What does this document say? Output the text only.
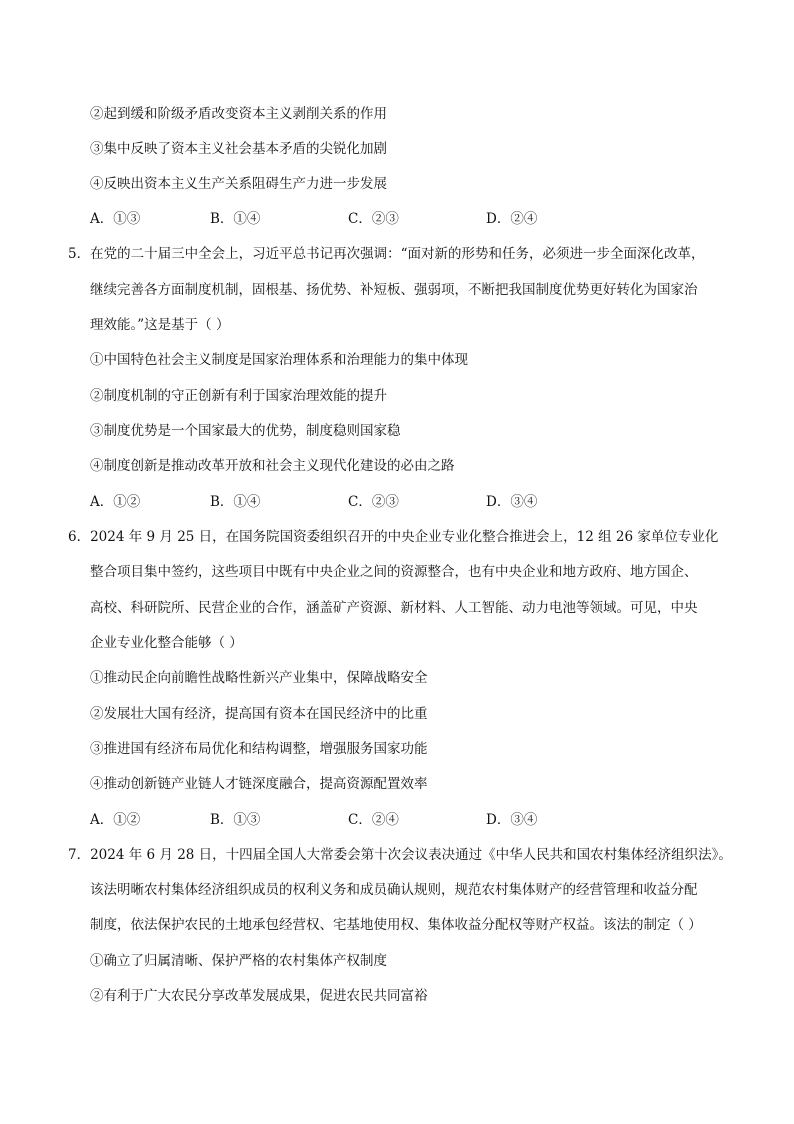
②起到缓和阶级矛盾改变资本主义剥削关系的作用
③集中反映了资本主义社会基本矛盾的尖锐化加剧
④反映出资本主义生产关系阻碍生产力进一步发展
A．①③	B．①④	C．②③	D．②④
5．在党的二十届三中全会上，习近平总书记再次强调：“面对新的形势和任务，必须进一步全面深化改革，
继续完善各方面制度机制，固根基、扬优势、补短板、强弱项，不断把我国制度优势更好转化为国家治
理效能。”这是基于（ ）
①中国特色社会主义制度是国家治理体系和治理能力的集中体现
②制度机制的守正创新有利于国家治理效能的提升
③制度优势是一个国家最大的优势，制度稳则国家稳
④制度创新是推动改革开放和社会主义现代化建设的必由之路
A．①②	B．①④	C．②③	D．③④
6．2024 年 9 月 25 日，在国务院国资委组织召开的中央企业专业化整合推进会上，12 组 26 家单位专业化
整合项目集中签约，这些项目中既有中央企业之间的资源整合，也有中央企业和地方政府、地方国企、
高校、科研院所、民营企业的合作，涵盖矿产资源、新材料、人工智能、动力电池等领域。可见，中央
企业专业化整合能够（ ）
①推动民企向前瞻性战略性新兴产业集中，保障战略安全
②发展壮大国有经济，提高国有资本在国民经济中的比重
③推进国有经济布局优化和结构调整，增强服务国家功能
④推动创新链产业链人才链深度融合，提高资源配置效率
A．①②	B．①③	C．②④	D．③④
7．2024 年 6 月 28 日，十四届全国人大常委会第十次会议表决通过《中华人民共和国农村集体经济组织法》。
该法明晰农村集体经济组织成员的权利义务和成员确认规则，规范农村集体财产的经营管理和收益分配
制度，依法保护农民的土地承包经营权、宅基地使用权、集体收益分配权等财产权益。该法的制定（ ）
①确立了归属清晰、保护严格的农村集体产权制度
②有利于广大农民分享改革发展成果，促进农民共同富裕
